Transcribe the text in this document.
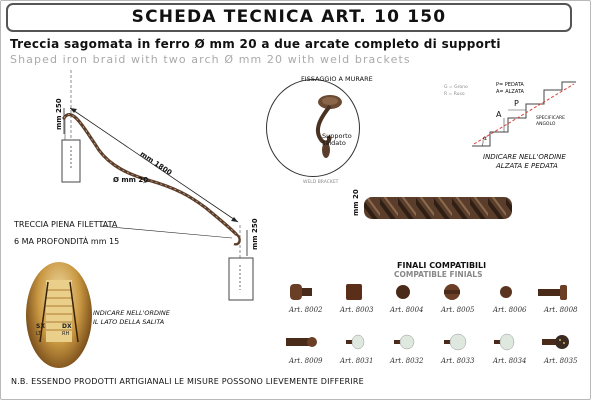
SCHEDA TECNICA ART. 10 150
Treccia sagomata in ferro Ø mm 20 a due arcate completo di supporti
Shaped iron braid with two arch Ø mm 20 with weld brackets
mm 250
mm 1800
Ø mm 20
mm 250
TRECCIA PIENA FILETTATA
6 MA PROFONDITÀ mm 15
FISSAGGIO A MURARE
Supporto saldato
WELD BRACKET
G = Grono
R = Ruso
P= PEDATA
A= ALZATA
P
A
α
SPECIFICARE ANGOLO
INDICARE NELL'ORDINE
ALZATA E PEDATA
mm 20
SX	DX
LT	RH
INDICARE NELL'ORDINE
IL LATO DELLA SALITA
FINALI COMPATIBILI
COMPATIBLE FINIALS
Art. 8002	Art. 8003 Art. 8004	Art. 8005	Art. 8006	Art. 8008
Art. 8009	Art. 8031 Art. 8032	Art. 8033	Art. 8034	Art. 8035
N.B. ESSENDO PRODOTTI ARTIGIANALI LE MISURE POSSONO LIEVEMENTE DIFFERIRE
